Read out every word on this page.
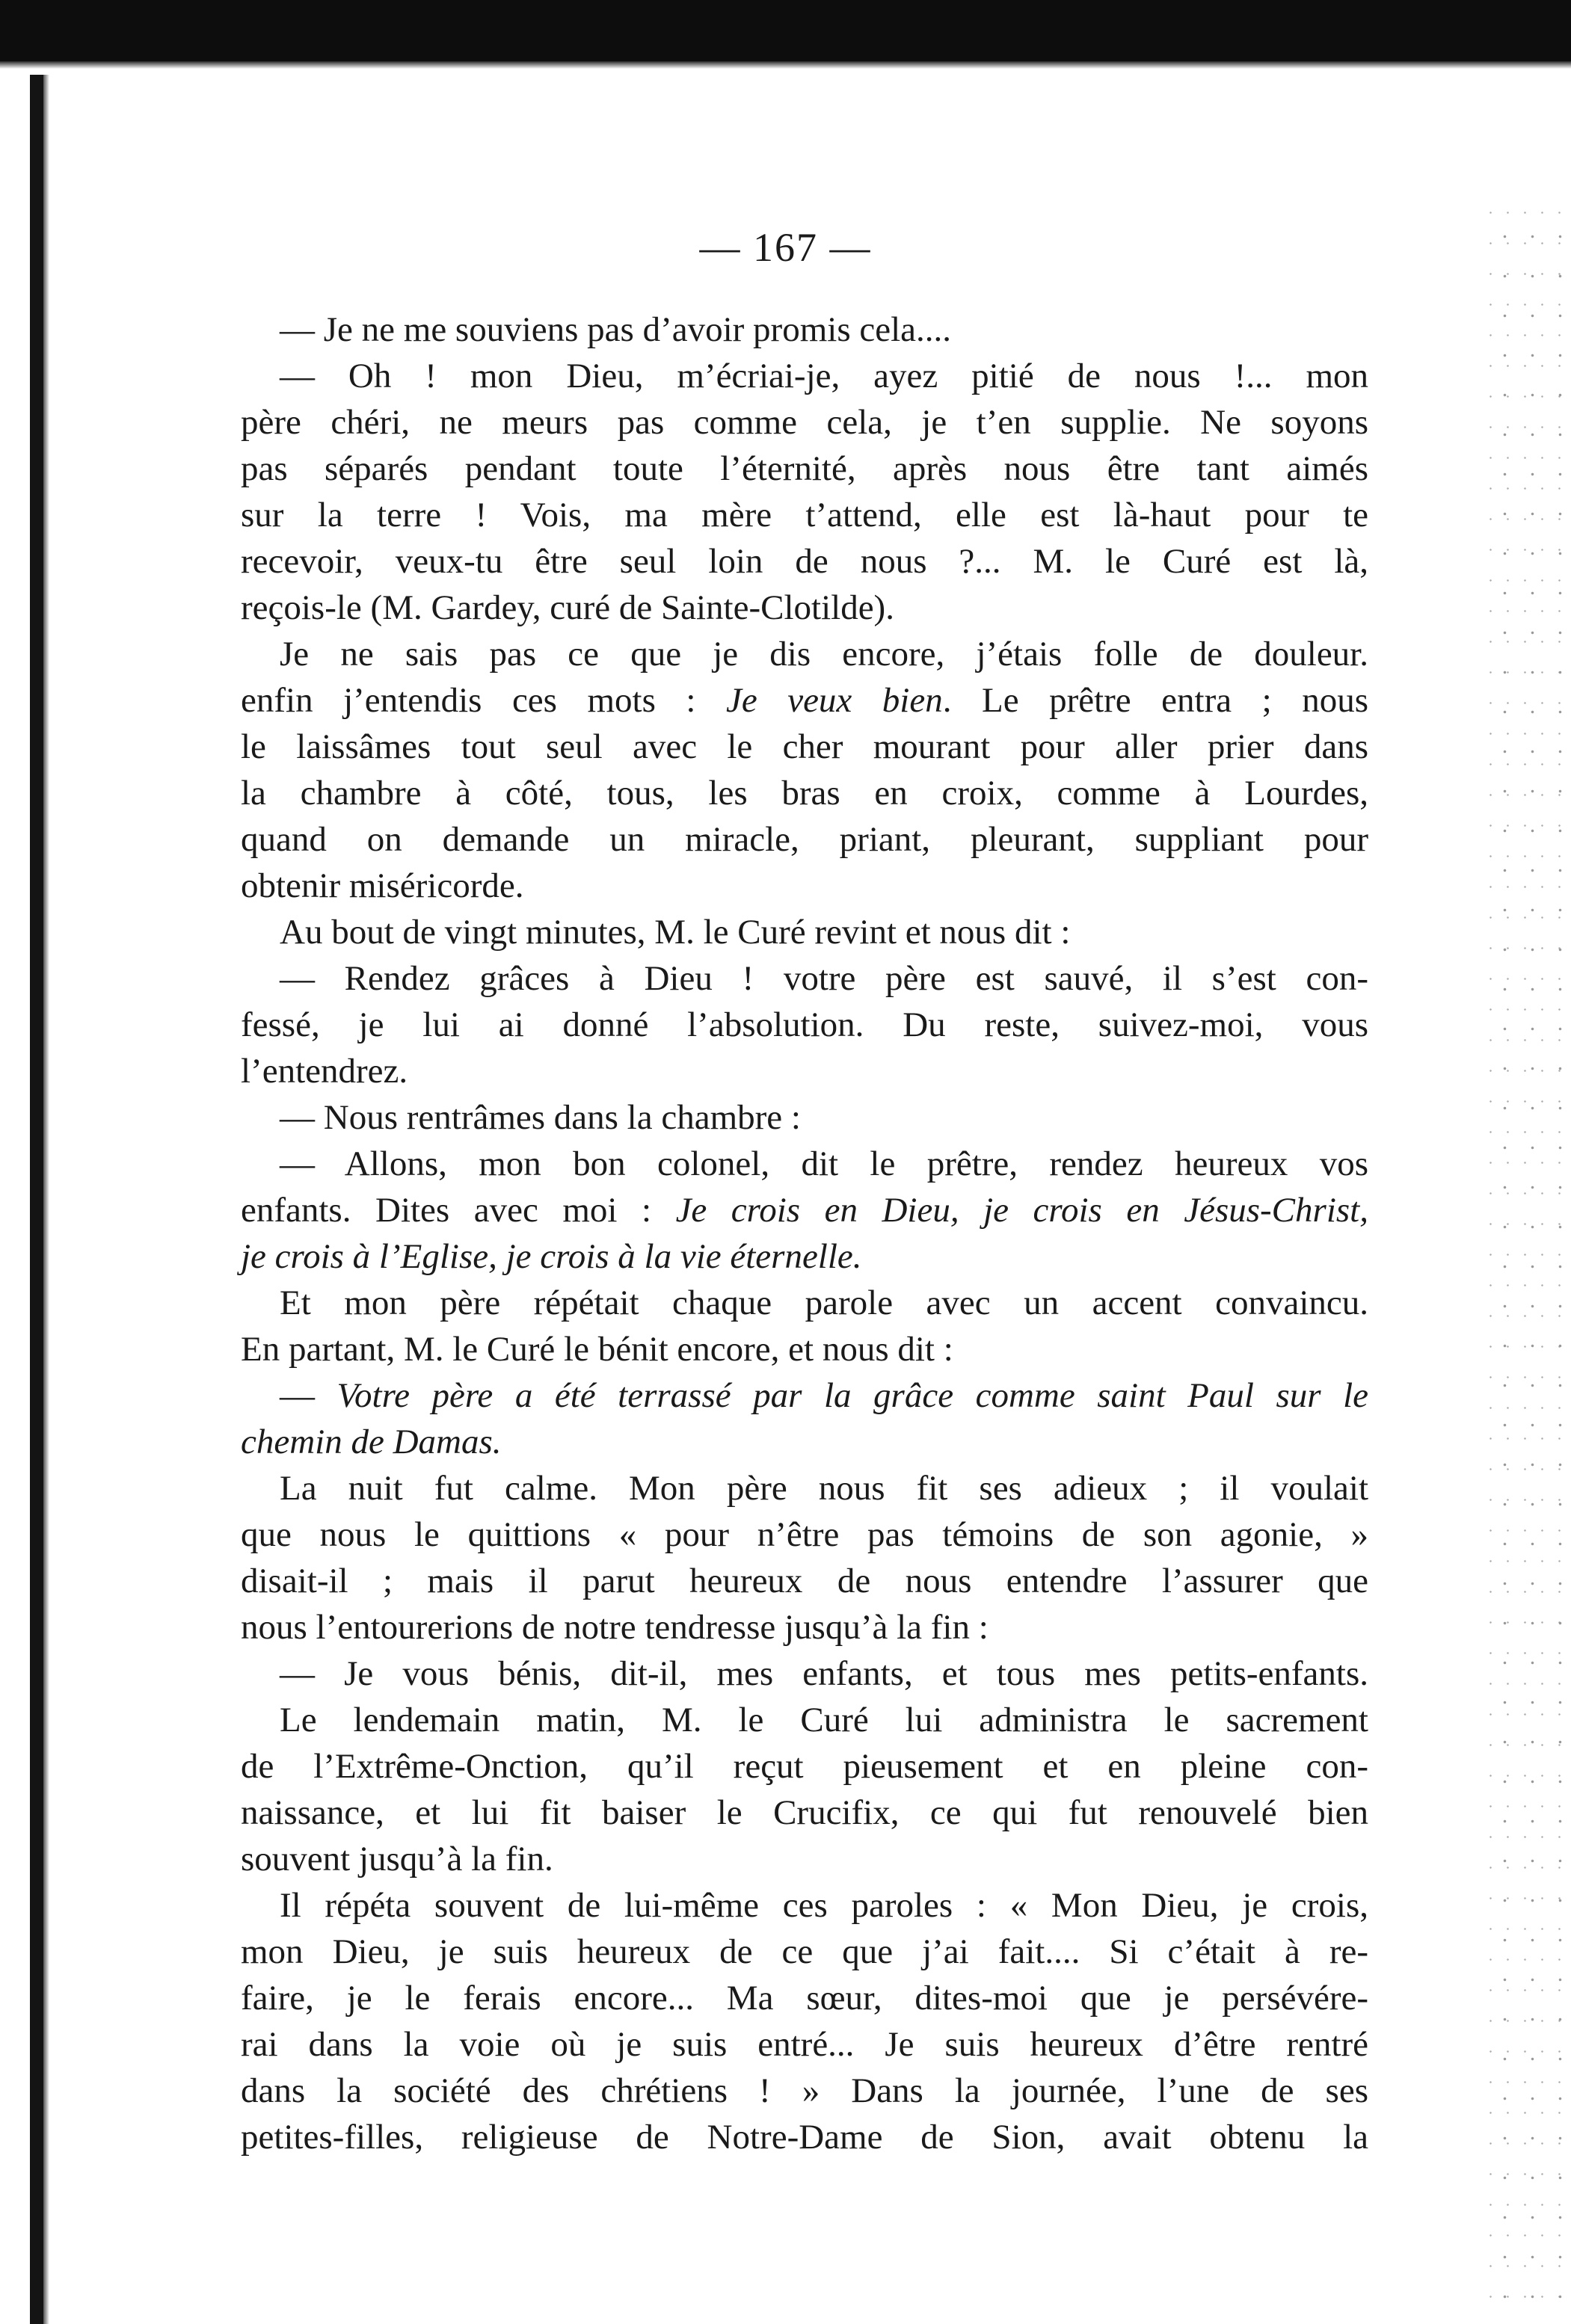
— 167 —
— Je ne me souviens pas d’avoir promis cela....
— Oh ! mon Dieu, m’écriai-je, ayez pitié de nous !... mon
père chéri, ne meurs pas comme cela, je t’en supplie. Ne soyons
pas séparés pendant toute l’éternité, après nous être tant aimés
sur la terre ! Vois, ma mère t’attend, elle est là-haut pour te
recevoir, veux-tu être seul loin de nous ?... M. le Curé est là,
reçois-le (M. Gardey, curé de Sainte-Clotilde).
Je ne sais pas ce que je dis encore, j’étais folle de douleur.
enfin j’entendis ces mots : Je veux bien. Le prêtre entra ; nous
le laissâmes tout seul avec le cher mourant pour aller prier dans
la chambre à côté, tous, les bras en croix, comme à Lourdes,
quand on demande un miracle, priant, pleurant, suppliant pour
obtenir miséricorde.
Au bout de vingt minutes, M. le Curé revint et nous dit :
— Rendez grâces à Dieu ! votre père est sauvé, il s’est con-
fessé, je lui ai donné l’absolution. Du reste, suivez-moi, vous
l’entendrez.
— Nous rentrâmes dans la chambre :
— Allons, mon bon colonel, dit le prêtre, rendez heureux vos
enfants. Dites avec moi : Je crois en Dieu, je crois en Jésus-Christ,
je crois à l’Eglise, je crois à la vie éternelle.
Et mon père répétait chaque parole avec un accent convaincu.
En partant, M. le Curé le bénit encore, et nous dit :
— Votre père a été terrassé par la grâce comme saint Paul sur le
chemin de Damas.
La nuit fut calme. Mon père nous fit ses adieux ; il voulait
que nous le quittions « pour n’être pas témoins de son agonie, »
disait-il ; mais il parut heureux de nous entendre l’assurer que
nous l’entourerions de notre tendresse jusqu’à la fin :
— Je vous bénis, dit-il, mes enfants, et tous mes petits-enfants.
Le lendemain matin, M. le Curé lui administra le sacrement
de l’Extrême-Onction, qu’il reçut pieusement et en pleine con-
naissance, et lui fit baiser le Crucifix, ce qui fut renouvelé bien
souvent jusqu’à la fin.
Il répéta souvent de lui-même ces paroles : « Mon Dieu, je crois,
mon Dieu, je suis heureux de ce que j’ai fait.... Si c’était à re-
faire, je le ferais encore... Ma sœur, dites-moi que je persévére-
rai dans la voie où je suis entré... Je suis heureux d’être rentré
dans la société des chrétiens ! » Dans la journée, l’une de ses
petites-filles, religieuse de Notre-Dame de Sion, avait obtenu la
